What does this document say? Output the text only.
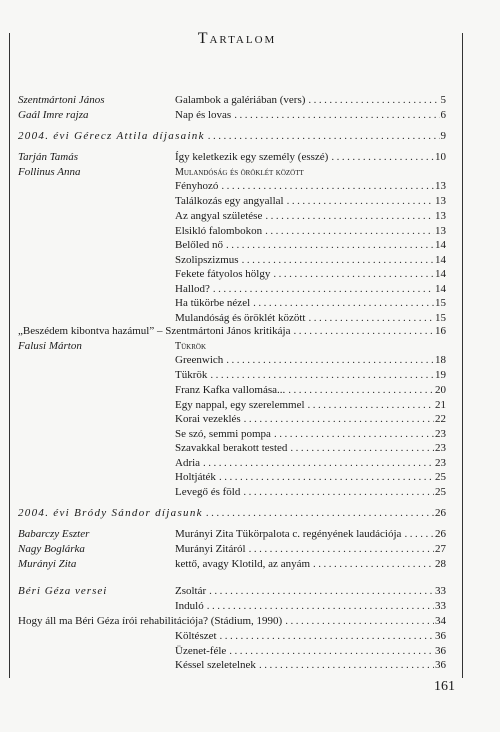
Tartalom
Szentmártoni János	Galambok a galériában (vers) .....	5
Gaál Imre rajza	Nap és lovas .....	6
2004. évi Gérecz Attila díjasaink .....	9
Tarján Tamás	Így keletkezik egy személy (esszé) .....	10
Follinus Anna	Mulandóság és öröklét között
Fényhozó .....	13
Találkozás egy angyallal .....	13
Az angyal születése .....	13
Elsikló falombokon .....	13
Belőled nő .....	14
Szolipszizmus .....	14
Fekete fátyolos hölgy .....	14
Hallod? .....	14
Ha tükörbe nézel .....	15
Mulandóság és öröklét között .....	15
„Beszédem kibontva hazámul” – Szentmártoni János kritikája .....	16
Falusi Márton	Tükrök
Greenwich .....	18
Tükrök .....	19
Franz Kafka vallomása... .....	20
Egy nappal, egy szerelemmel .....	21
Korai vezeklés .....	22
Se szó, semmi pompa .....	23
Szavakkal berakott tested .....	23
Adria .....	23
Holtjáték .....	25
Levegő és föld .....	25
2004. évi Bródy Sándor díjasunk .....	26
Babarczy Eszter	Murányi Zita Tükörpalota c. regényének laudációja .....	26
Nagy Boglárka	Murányi Zitáról .....	27
Murányi Zita	kettő, avagy Klotild, az anyám .....	28
Béri Géza versei	Zsoltár .....	33
Induló .....	33
Hogy áll ma Béri Géza írói rehabilitációja? (Stádium, 1990) .....	34
Költészet .....	36
Üzenet-féle .....	36
Késsel szeletelnek .....	36
161
